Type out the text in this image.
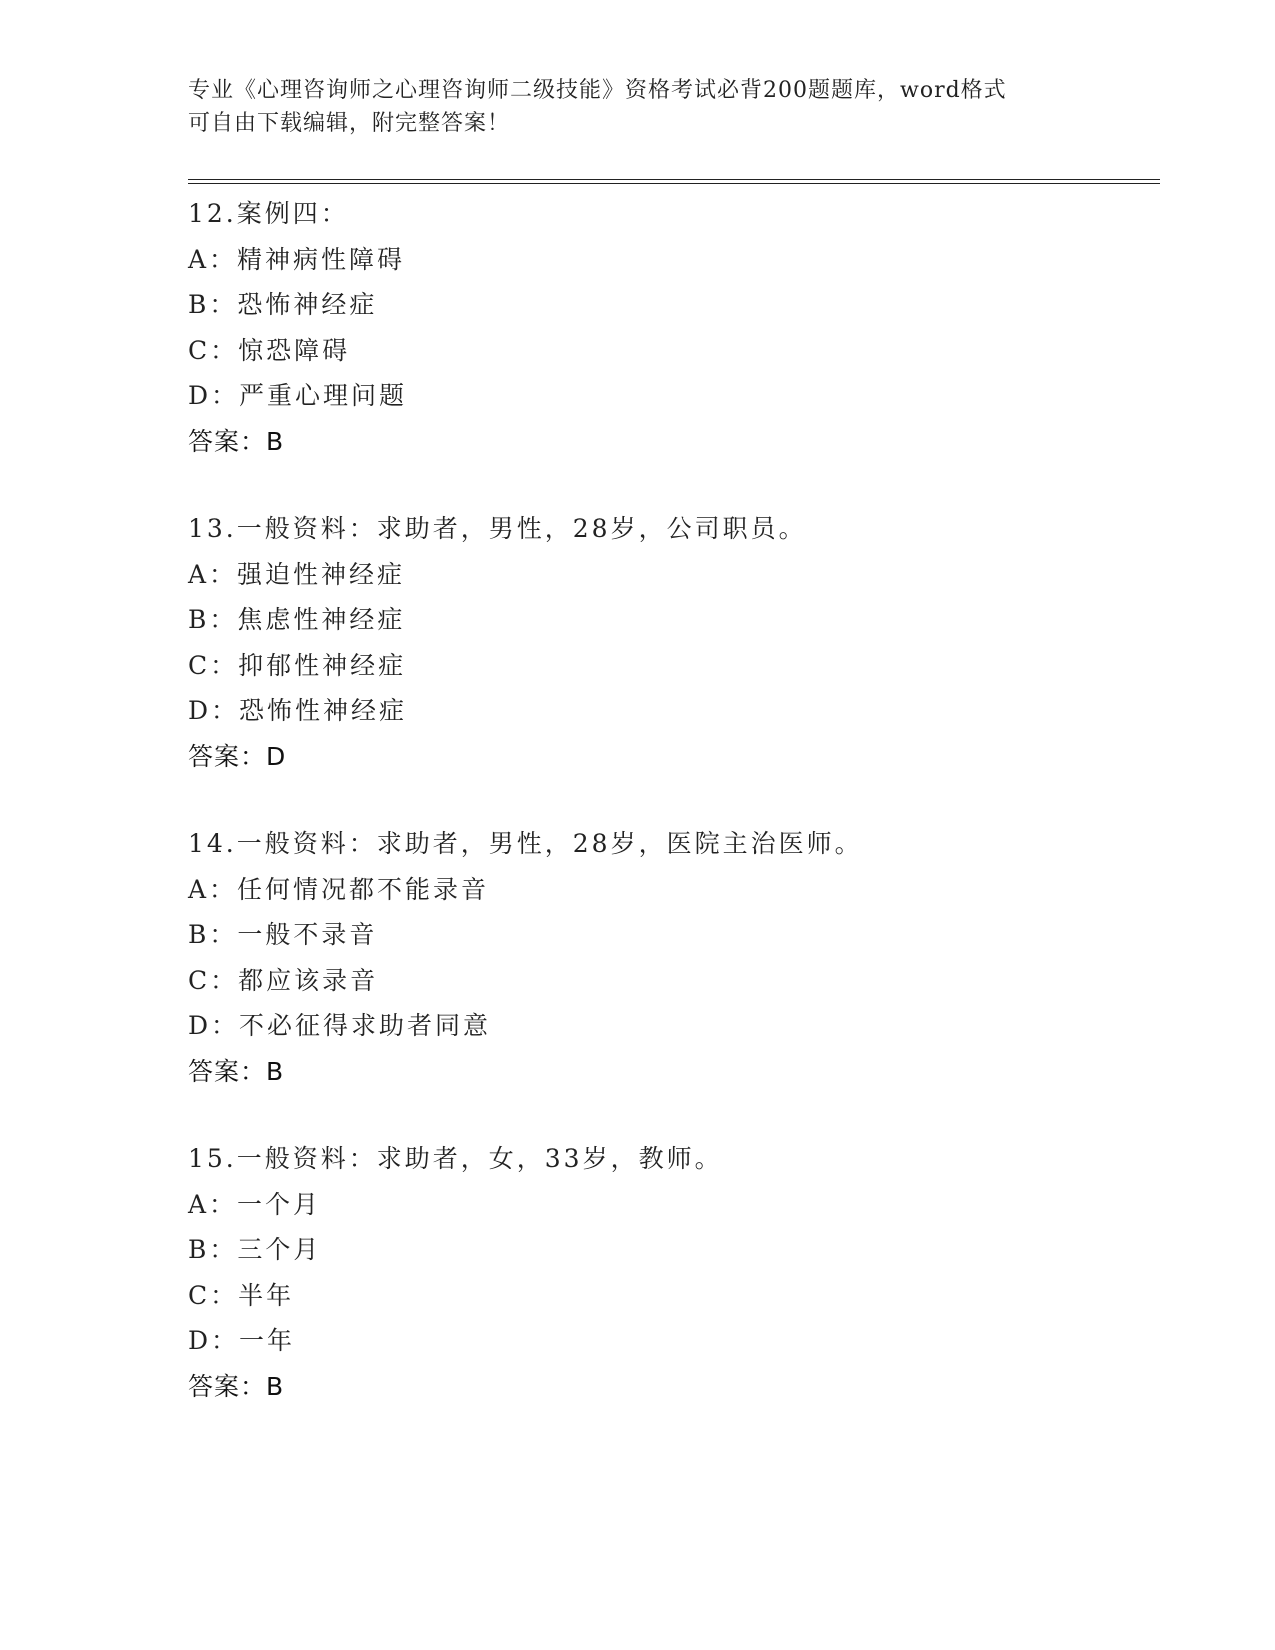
专业《心理咨询师之心理咨询师二级技能》资格考试必背200题题库，word格式
可自由下载编辑，附完整答案！
12.案例四：
A：精神病性障碍
B：恐怖神经症
C：惊恐障碍
D：严重心理问题
答案：B
13.一般资料：求助者，男性，28岁，公司职员。
A：强迫性神经症
B：焦虑性神经症
C：抑郁性神经症
D：恐怖性神经症
答案：D
14.一般资料：求助者，男性，28岁，医院主治医师。
A：任何情况都不能录音
B：一般不录音
C：都应该录音
D：不必征得求助者同意
答案：B
15.一般资料：求助者，女，33岁，教师。
A：一个月
B：三个月
C：半年
D：一年
答案：B
